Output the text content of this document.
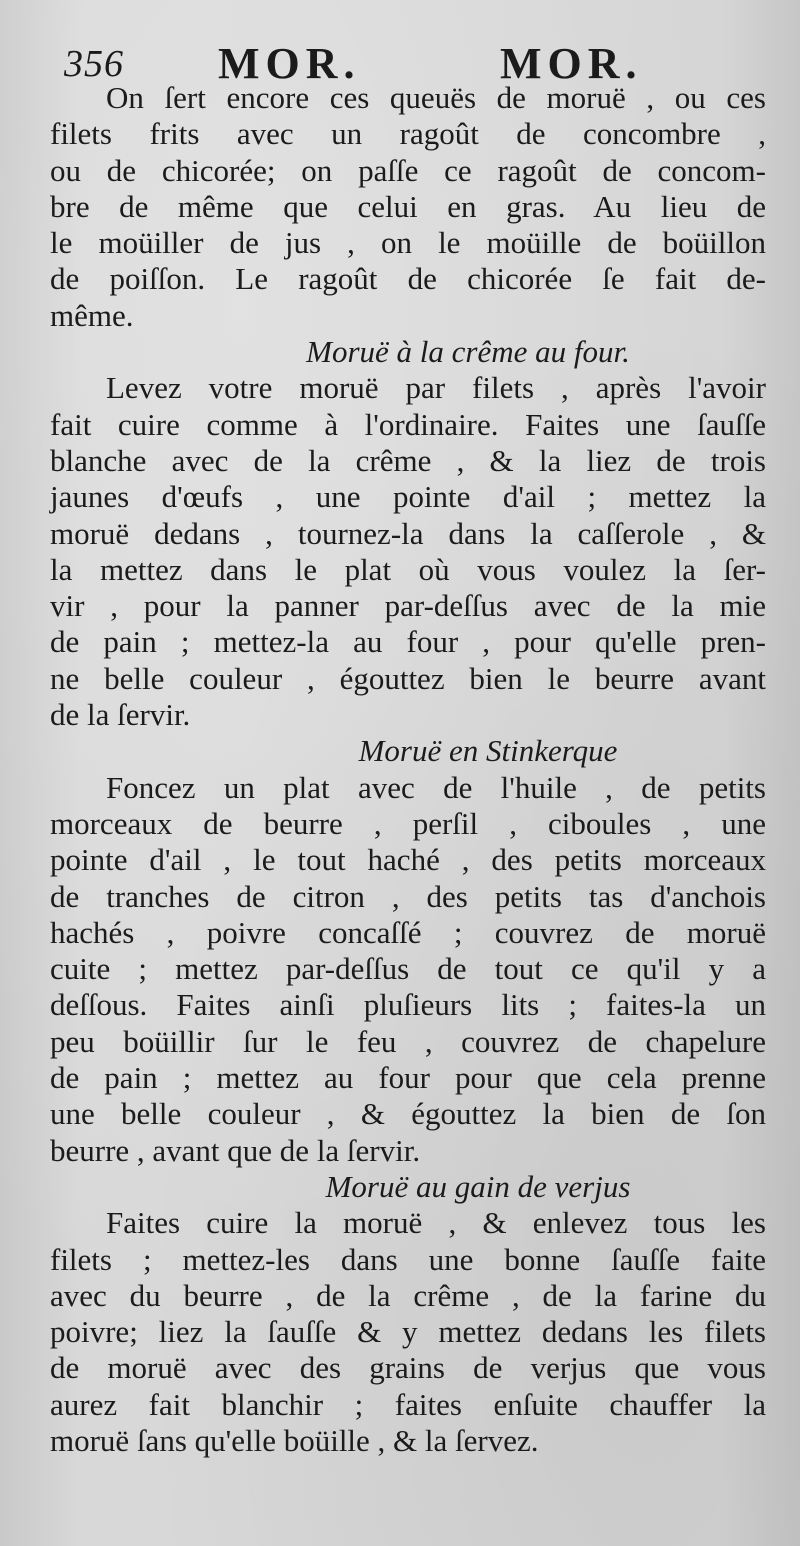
356 MOR.	MOR.
On ſert encore ces queuës de moruë , ou ces
filets frits avec un ragoût de concombre ,
ou de chicorée; on paſſe ce ragoût de concom-
bre de même que celui en gras. Au lieu de
le moüiller de jus , on le moüille de boüillon
de poiſſon. Le ragoût de chicorée ſe fait de-
même.
Moruë à la crême au four.
Levez votre moruë par filets , après l'avoir
fait cuire comme à l'ordinaire. Faites une ſauſſe
blanche avec de la crême , & la liez de trois
jaunes d'œufs , une pointe d'ail ; mettez la
moruë dedans , tournez-la dans la caſſerole , &
la mettez dans le plat où vous voulez la ſer-
vir , pour la panner par-deſſus avec de la mie
de pain ; mettez-la au four , pour qu'elle pren-
ne belle couleur , égouttez bien le beurre avant
de la ſervir.
Moruë en Stinkerque
Foncez un plat avec de l'huile , de petits
morceaux de beurre , perſil , ciboules , une
pointe d'ail , le tout haché , des petits morceaux
de tranches de citron , des petits tas d'anchois
hachés , poivre concaſſé ; couvrez de moruë
cuite ; mettez par-deſſus de tout ce qu'il y a
deſſous. Faites ainſi pluſieurs lits ; faites-la un
peu boüillir ſur le feu , couvrez de chapelure
de pain ; mettez au four pour que cela prenne
une belle couleur , & égouttez la bien de ſon
beurre , avant que de la ſervir.
Moruë au gain de verjus
Faites cuire la moruë , & enlevez tous les
filets ; mettez-les dans une bonne ſauſſe faite
avec du beurre , de la crême , de la farine du
poivre; liez la ſauſſe & y mettez dedans les filets
de moruë avec des grains de verjus que vous
aurez fait blanchir ; faites enſuite chauffer la
moruë ſans qu'elle boüille , & la ſervez.
